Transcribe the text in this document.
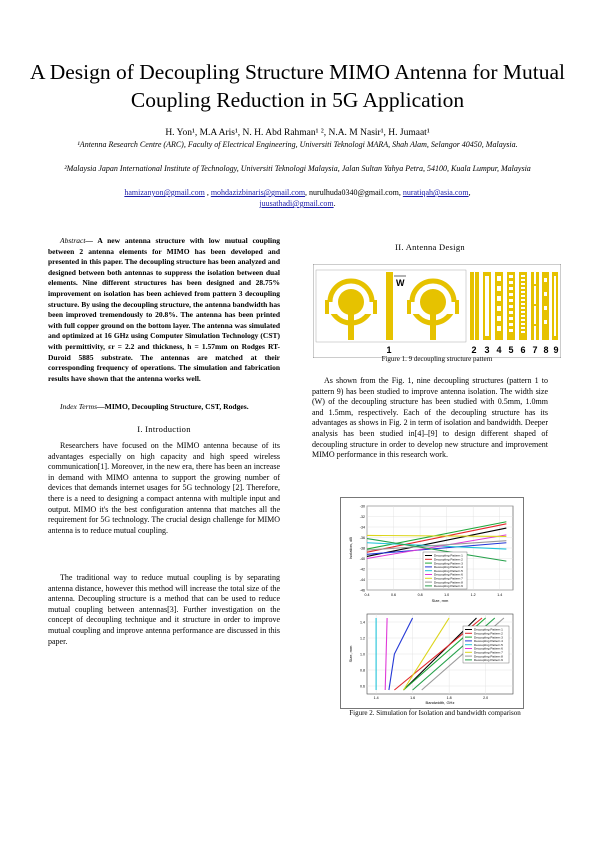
A Design of Decoupling Structure MIMO Antenna for Mutual Coupling Reduction in 5G Application
H. Yon¹, M.A Aris¹, N. H. Abd Rahman¹ ², N.A. M Nasir¹, H. Jumaat¹
¹Antenna Research Centre (ARC), Faculty of Electrical Engineering, Universiti Teknologi MARA, Shah Alam, Selangor 40450, Malaysia.
²Malaysia Japan International Institute of Technology, Universiti Teknologi Malaysia, Jalan Sultan Yahya Petra, 54100, Kuala Lumpur, Malaysia
hamizanyon@gmail.com , mohdazizbinaris@gmail.com, nurulhuda0340@gmail.com, nuratiqah@asia.com,
juusathadi@gmail.com.
Abstract— A new antenna structure with low mutual coupling between 2 antenna elements for MIMO has been developed and presented in this paper. The decoupling structure has been analyzed and designed between both antennas to suppress the isolation between dual elements. Nine different structures has been designed and 28.75% improvement on isolation has been achieved from pattern 3 decoupling structure. By using the decoupling structure, the antenna bandwidth has been improved tremendously to 20.8%. The antenna has been printed with full copper ground on the bottom layer. The antenna was simulated and optimized at 16 GHz using Computer Simulation Technology (CST) with permittivity, εr = 2.2 and thickness, h = 1.57mm on Rodges RT-Duroid 5885 substrate. The antennas are matched at their corresponding frequency of operations. The simulation and fabrication results have shown that the antenna works well.
Index Terms—MIMO, Decoupling Structure, CST, Rodges.
I. Introduction
Researchers have focused on the MIMO antenna because of its advantages especially on high capacity and high speed wireless communication[1]. Moreover, in the new era, there has been an increase in demand with MIMO antenna to support the growing number of devices that demands internet usages for 5G technology [2]. Therefore, there is a need to designing a compact antenna with multiple input and output. MIMO it's the best configuration antenna that matches all the requirement for 5G technology. The crucial design challenge for MIMO antenna is to reduce mutual coupling.
The traditional way to reduce mutual coupling is by separating antenna distance, however this method will increase the total size of the antenna. Decoupling structure is a method that can be used to reduce mutual coupling between antennas[3]. Further investigation on the concept of decoupling technique and it structure in order to improve mutual coupling and improve antenna performance are discussed in this paper.
II. Antenna Design
W
1	2 3 4 5 6 7 8 9
Figure 1. 9 decoupling structure pattern
As shown from the Fig. 1, nine decoupling structures (pattern 1 to pattern 9) has been studied to improve antenna isolation. The width size (W) of the decoupling structure has been studied with 0.5mm, 1.0mm and 1.5mm, respectively. Each of the decoupling structure has its advantages as shows in Fig. 2 in term of isolation and bandwidth. Deeper analysis has been studied in[4]–[9] to design different shaped of decoupling structure in order to develop new structure and improvement MIMO performance in this research work.
-30
-32
-34
-36
-38
-40
-42
-44
-46
0.4	0.6	0.8	1.0	1.2	1.4
Size, mm
Isolation, dB	Decoupling Pattern 1
Decoupling Pattern 2
Decoupling Pattern 3
Decoupling Pattern 4
Decoupling Pattern 5
Decoupling Pattern 6
Decoupling Pattern 7
Decoupling Pattern 8
Decoupling Pattern 9
1.4
1.2
1.0
0.8
0.6
1.4	1.6	1.8	2.0
Bandwidth, GHz
Size, mm
Decoupling Pattern 1
Decoupling Pattern 2
Decoupling Pattern 3
Decoupling Pattern 4
Decoupling Pattern 5
Decoupling Pattern 6
Decoupling Pattern 7
Decoupling Pattern 8
Decoupling Pattern 9
Figure 2. Simulation for Isolation and bandwidth comparison
